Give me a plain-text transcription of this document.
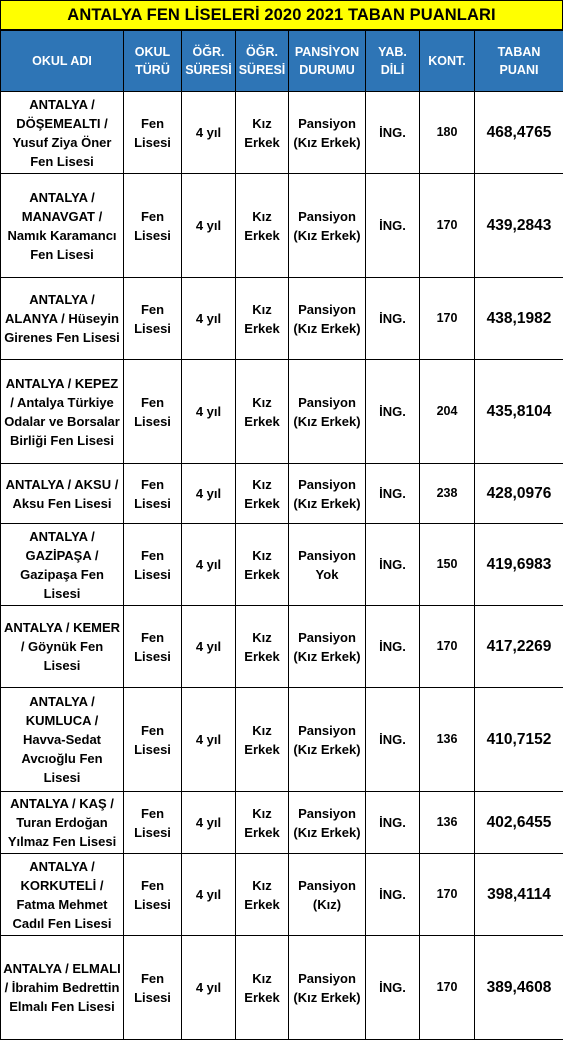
ANTALYA FEN LİSELERİ 2020 2021 TABAN PUANLARI
OKUL ADI	OKUL TÜRÜ	ÖĞR. SÜRESİ	ÖĞR. SÜRESİ	PANSİYON DURUMU	YAB. DİLİ	KONT.	TABAN PUANI
ANTALYA / DÖŞEMEALTI / Yusuf Ziya Öner Fen Lisesi	Fen Lisesi	4 yıl	Kız Erkek	Pansiyon (Kız Erkek)	İNG.	180	468,4765
ANTALYA / MANAVGAT / Namık Karamancı Fen Lisesi	Fen Lisesi	4 yıl	Kız Erkek	Pansiyon (Kız Erkek)	İNG.	170	439,2843
ANTALYA / ALANYA / Hüseyin Girenes Fen Lisesi	Fen Lisesi	4 yıl	Kız Erkek	Pansiyon (Kız Erkek)	İNG.	170	438,1982
ANTALYA / KEPEZ / Antalya Türkiye Odalar ve Borsalar Birliği Fen Lisesi	Fen Lisesi	4 yıl	Kız Erkek	Pansiyon (Kız Erkek)	İNG.	204	435,8104
ANTALYA / AKSU / Aksu Fen Lisesi	Fen Lisesi	4 yıl	Kız Erkek	Pansiyon (Kız Erkek)	İNG.	238	428,0976
ANTALYA / GAZİPAŞA / Gazipaşa Fen Lisesi	Fen Lisesi	4 yıl	Kız Erkek	Pansiyon Yok	İNG.	150	419,6983
ANTALYA / KEMER / Göynük Fen Lisesi	Fen Lisesi	4 yıl	Kız Erkek	Pansiyon (Kız Erkek)	İNG.	170	417,2269
ANTALYA / KUMLUCA / Havva-Sedat Avcıoğlu Fen Lisesi	Fen Lisesi	4 yıl	Kız Erkek	Pansiyon (Kız Erkek)	İNG.	136	410,7152
ANTALYA / KAŞ / Turan Erdoğan Yılmaz Fen Lisesi	Fen Lisesi	4 yıl	Kız Erkek	Pansiyon (Kız Erkek)	İNG.	136	402,6455
ANTALYA / KORKUTELİ / Fatma Mehmet Cadıl Fen Lisesi	Fen Lisesi	4 yıl	Kız Erkek	Pansiyon (Kız)	İNG.	170	398,4114
ANTALYA / ELMALI / İbrahim Bedrettin Elmalı Fen Lisesi	Fen Lisesi	4 yıl	Kız Erkek	Pansiyon (Kız Erkek)	İNG.	170	389,4608
